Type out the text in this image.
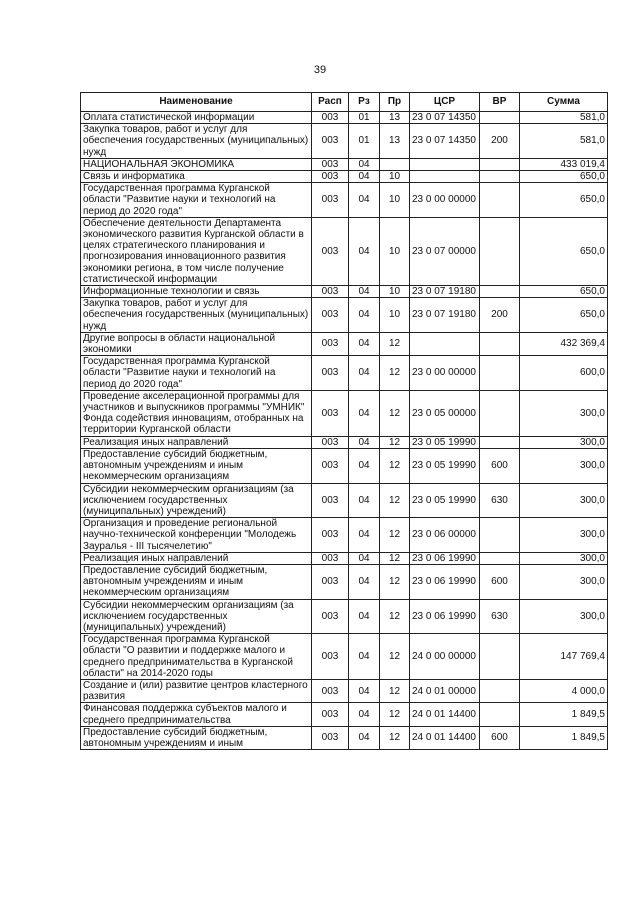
39
Наименование	Расп	Рз	Пр	ЦСР	ВР	Сумма
Оплата статистической информации	003	01	13	23 0 07 14350		581,0
Закупка товаров, работ и услуг для обеспечения государственных (муниципальных) нужд	003	01	13	23 0 07 14350	200	581,0
НАЦИОНАЛЬНАЯ ЭКОНОМИКА	003	04				433 019,4
Связь и информатика	003	04	10			650,0
Государственная программа Курганской области "Развитие науки и технологий на период до 2020 года"	003	04	10	23 0 00 00000		650,0
Обеспечение деятельности Департамента экономического развития Курганской области в целях стратегического планирования и прогнозирования инновационного развития экономики региона, в том числе получение статистической информации	003	04	10	23 0 07 00000		650,0
Информационные технологии и связь	003	04	10	23 0 07 19180		650,0
Закупка товаров, работ и услуг для обеспечения государственных (муниципальных) нужд	003	04	10	23 0 07 19180	200	650,0
Другие вопросы в области национальной экономики	003	04	12			432 369,4
Государственная программа Курганской области "Развитие науки и технологий на период до 2020 года"	003	04	12	23 0 00 00000		600,0
Проведение акселерационной программы для участников и выпускников программы "УМНИК" Фонда содействия инновациям, отобранных на территории Курганской области	003	04	12	23 0 05 00000		300,0
Реализация иных направлений	003	04	12	23 0 05 19990		300,0
Предоставление субсидий бюджетным, автономным учреждениям и иным некоммерческим организациям	003	04	12	23 0 05 19990	600	300,0
Субсидии некоммерческим организациям (за исключением государственных (муниципальных) учреждений)	003	04	12	23 0 05 19990	630	300,0
Организация и проведение региональной научно-технической конференции "Молодежь Зауралья - III тысячелетию"	003	04	12	23 0 06 00000		300,0
Реализация иных направлений	003	04	12	23 0 06 19990		300,0
Предоставление субсидий бюджетным, автономным учреждениям и иным некоммерческим организациям	003	04	12	23 0 06 19990	600	300,0
Субсидии некоммерческим организациям (за исключением государственных (муниципальных) учреждений)	003	04	12	23 0 06 19990	630	300,0
Государственная программа Курганской области "О развитии и поддержке малого и среднего предпринимательства в Курганской области" на 2014-2020 годы	003	04	12	24 0 00 00000		147 769,4
Создание и (или) развитие центров кластерного развития	003	04	12	24 0 01 00000		4 000,0
Финансовая поддержка субъектов малого и среднего предпринимательства	003	04	12	24 0 01 14400		1 849,5
Предоставление субсидий бюджетным, автономным учреждениям и иным	003	04	12	24 0 01 14400	600	1 849,5
